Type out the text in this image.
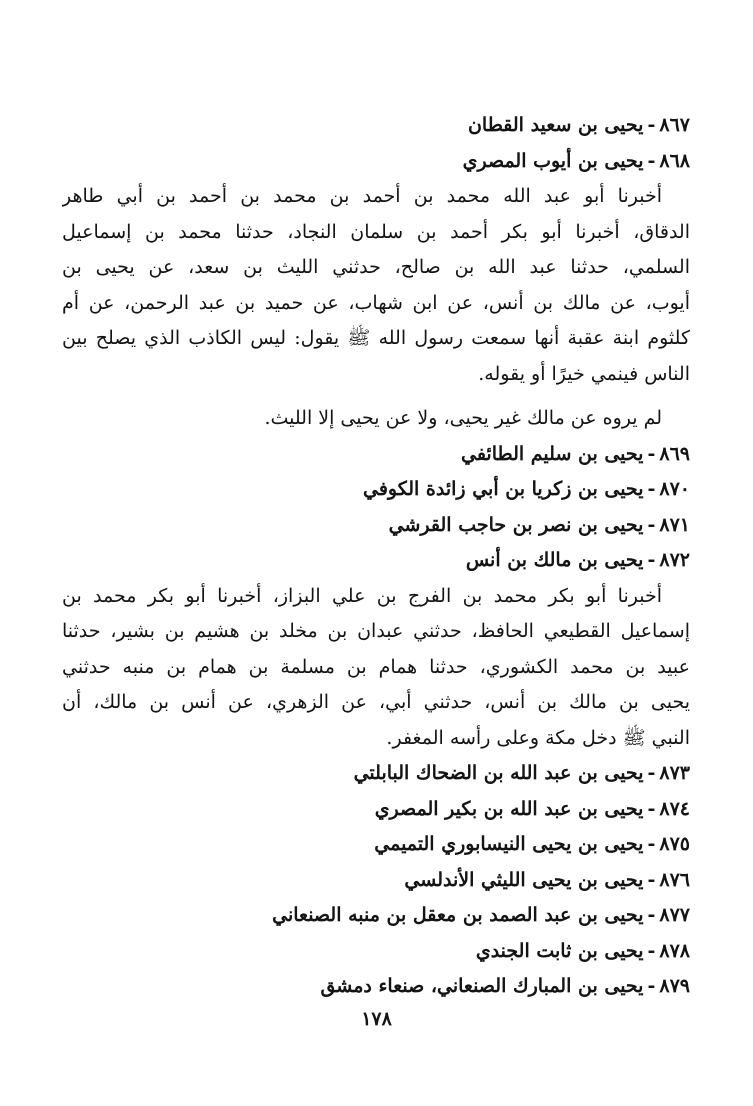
٨٦٧-يحيى بن سعيد القطان
٨٦٨-يحيى بن أيوب المصري
أخبرنا أبو عبد الله محمد بن أحمد بن محمد بن أحمد بن أبي طاهر
الدقاق، أخبرنا أبو بكر أحمد بن سلمان النجاد، حدثنا محمد بن إسماعيل
السلمي، حدثنا عبد الله بن صالح، حدثني الليث بن سعد، عن يحيى بن
أيوب، عن مالك بن أنس، عن ابن شهاب، عن حميد بن عبد الرحمن، عن أم
كلثوم ابنة عقبة أنها سمعت رسول الله ﷺ يقول: ليس الكاذب الذي يصلح بين
الناس فينمي خيرًا أو يقوله.
لم يروه عن مالك غير يحيى، ولا عن يحيى إلا الليث.
٨٦٩-يحيى بن سليم الطائفي
٨٧٠-يحيى بن زكريا بن أبي زائدة الكوفي
٨٧١-يحيى بن نصر بن حاجب القرشي
٨٧٢-يحيى بن مالك بن أنس
أخبرنا أبو بكر محمد بن الفرج بن علي البزاز، أخبرنا أبو بكر محمد بن
إسماعيل القطيعي الحافظ، حدثني عبدان بن مخلد بن هشيم بن بشير، حدثنا
عبيد بن محمد الكشوري، حدثنا همام بن مسلمة بن همام بن منبه حدثني
يحيى بن مالك بن أنس، حدثني أبي، عن الزهري، عن أنس بن مالك، أن
النبي ﷺ دخل مكة وعلى رأسه المغفر.
٨٧٣-يحيى بن عبد الله بن الضحاك البابلتي
٨٧٤-يحيى بن عبد الله بن بكير المصري
٨٧٥-يحيى بن يحيى النيسابوري التميمي
٨٧٦-يحيى بن يحيى الليثي الأندلسي
٨٧٧-يحيى بن عبد الصمد بن معقل بن منبه الصنعاني
٨٧٨-يحيى بن ثابت الجندي
٨٧٩-يحيى بن المبارك الصنعاني، صنعاء دمشق
١٧٨
